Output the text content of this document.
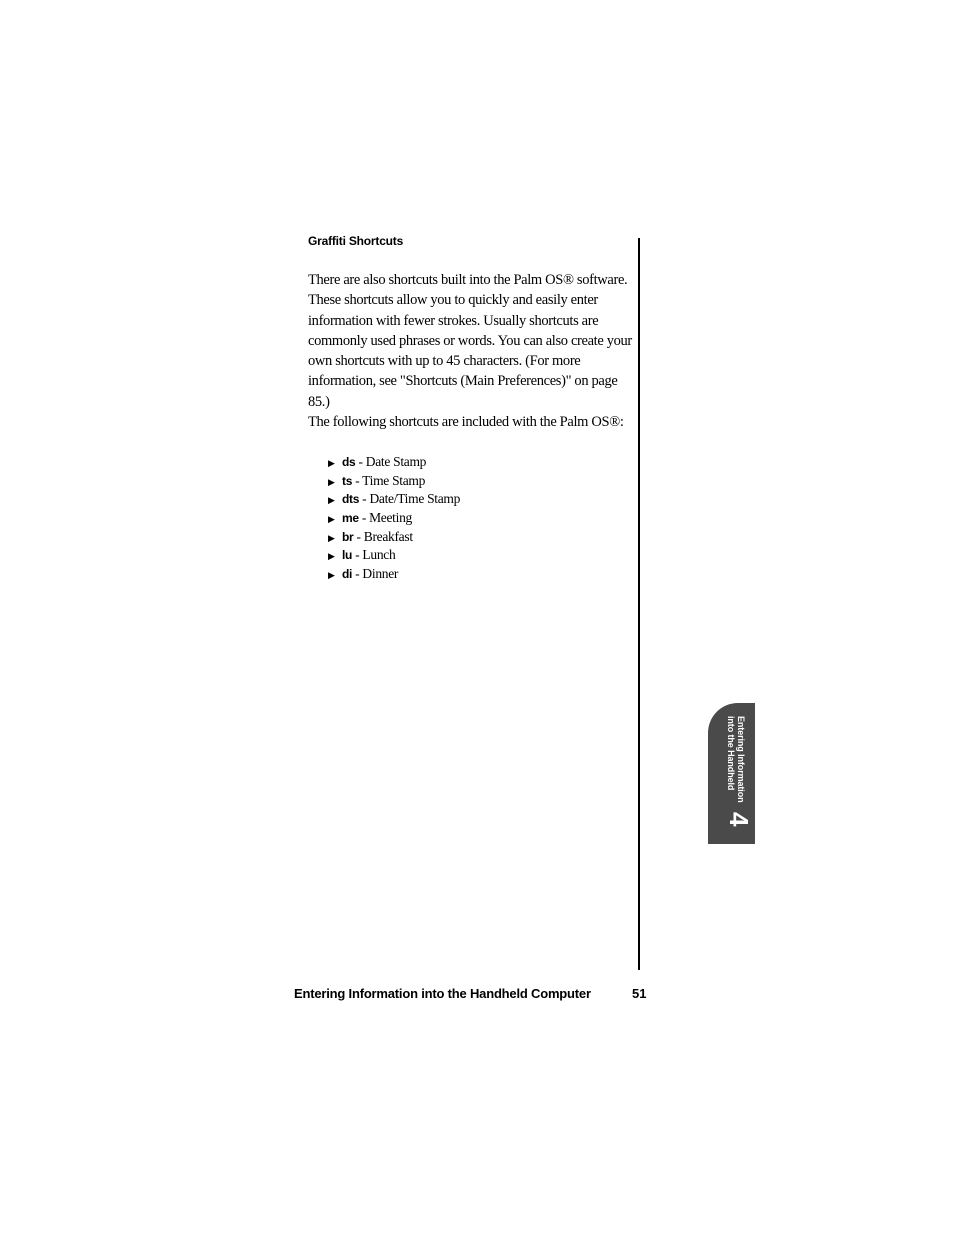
Graffiti Shortcuts

There are also shortcuts built into the Palm OS® software. These shortcuts allow you to quickly and easily enter information with fewer strokes. Usually shortcuts are commonly used phrases or words. You can also create your own shortcuts with up to 45 characters. (For more information, see "Shortcuts (Main Preferences)" on page 85.)

The following shortcuts are included with the Palm OS®:

▶ ds - Date Stamp
▶ ts - Time Stamp
▶ dts - Date/Time Stamp
▶ me - Meeting
▶ br - Breakfast
▶ lu - Lunch
▶ di - Dinner
Entering Information
into the Handheld
4
Entering Information into the Handheld Computer	51
